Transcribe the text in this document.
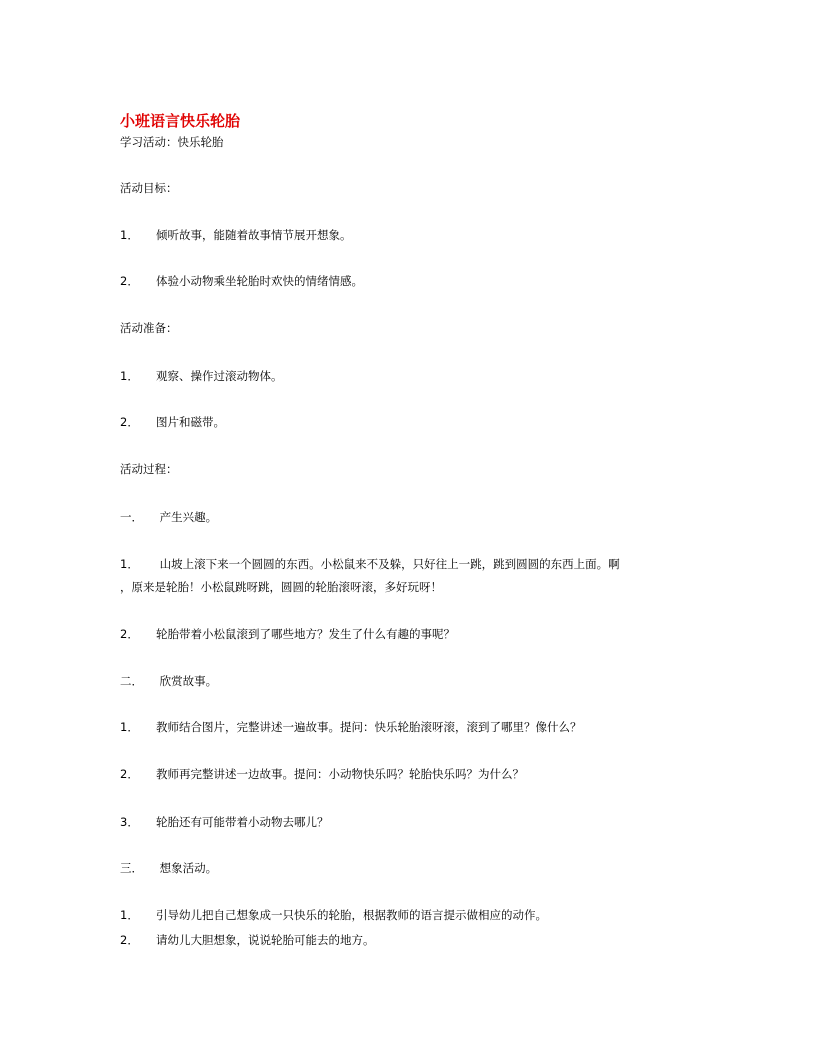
小班语言快乐轮胎
学习活动：快乐轮胎
活动目标：
1． 倾听故事，能随着故事情节展开想象。
2． 体验小动物乘坐轮胎时欢快的情绪情感。
活动准备：
1． 观察、操作过滚动物体。
2． 图片和磁带。
活动过程：
一． 产生兴趣。
1． 山坡上滚下来一个圆圆的东西。小松鼠来不及躲，只好往上一跳，跳到圆圆的东西上面。啊
，原来是轮胎！小松鼠跳呀跳，圆圆的轮胎滚呀滚，多好玩呀！
2． 轮胎带着小松鼠滚到了哪些地方？发生了什么有趣的事呢？
二． 欣赏故事。
1． 教师结合图片，完整讲述一遍故事。提问：快乐轮胎滚呀滚，滚到了哪里？像什么？
2． 教师再完整讲述一边故事。提问：小动物快乐吗？轮胎快乐吗？为什么？
3． 轮胎还有可能带着小动物去哪儿？
三． 想象活动。
1． 引导幼儿把自己想象成一只快乐的轮胎，根据教师的语言提示做相应的动作。
2． 请幼儿大胆想象，说说轮胎可能去的地方。
